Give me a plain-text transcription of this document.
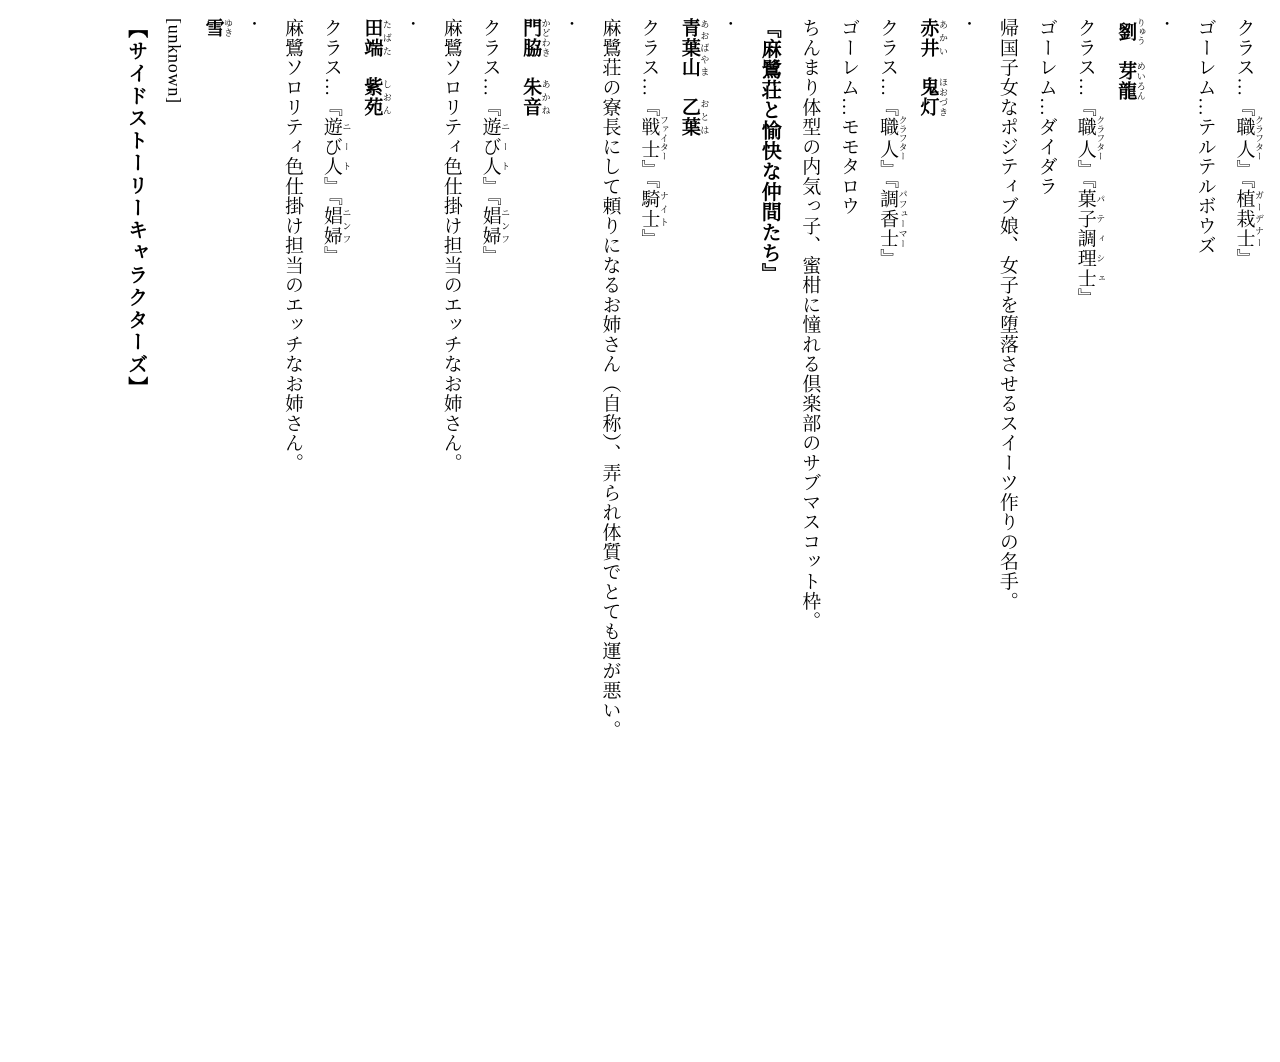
クラス…『職人 クラフター』『植栽士 ガーデナー』
ゴーレム…テルテルボウズ
・
劉 りゅう　芽龍 めいろん
クラス…『職人 クラフター』『菓子調理士 パティシェ』
ゴーレム…ダイダラ
帰国子女なポジティブ娘、女子を堕落させるスイーツ作りの名手。
・
赤井 あかい　鬼灯 ほおづき
クラス…『職人 クラフター』『調香士 パフューマー』
ゴーレム…モモタロウ
ちんまり体型の内気っ子、蜜柑に憧れる倶楽部のサブマスコット枠。
『麻鷺荘と愉快な仲間たち』
・
青葉山 あおばやま　乙葉 おとは
クラス…『戦士 ファイター』『騎士 ナイト』
麻鷺荘の寮長にして頼りになるお姉さん（自称）、弄られ体質でとても運が悪い。
・
門脇 かどわき　朱音 あかね
クラス…『遊び人 ニート』『娼婦 ニンフ』
麻鷺ソロリティ色仕掛け担当のエッチなお姉さん。
・
田端 たばた　紫苑 しおん
クラス…『遊び人 ニート』『娼婦 ニンフ』
麻鷺ソロリティ色仕掛け担当のエッチなお姉さん。
・
雪 ゆき
[unknown]
【サイドストーリーキャラクターズ】
